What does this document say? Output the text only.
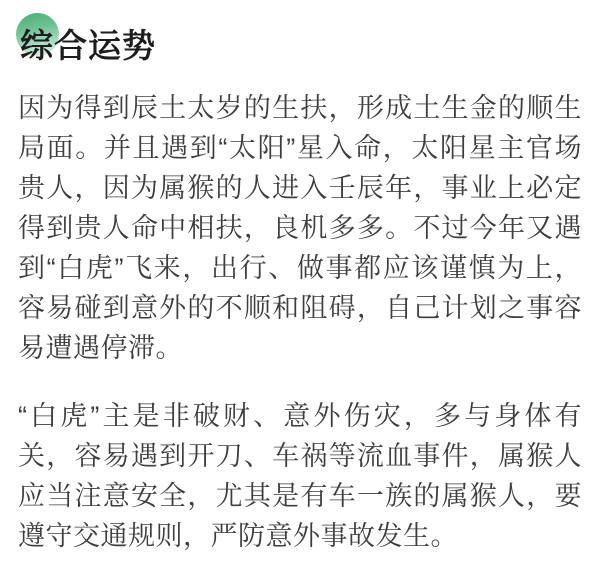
综合运势

因为得到辰土太岁的生扶，形成土生金的顺生局面。并且遇到“太阳”星入命，太阳星主官场贵人，因为属猴的人进入壬辰年，事业上必定得到贵人命中相扶，良机多多。不过今年又遇到“白虎”飞来，出行、做事都应该谨慎为上，容易碰到意外的不顺和阻碍，自己计划之事容易遭遇停滞。

“白虎”主是非破财、意外伤灾，多与身体有关，容易遇到开刀、车祸等流血事件，属猴人应当注意安全，尤其是有车一族的属猴人，要遵守交通规则，严防意外事故发生。
